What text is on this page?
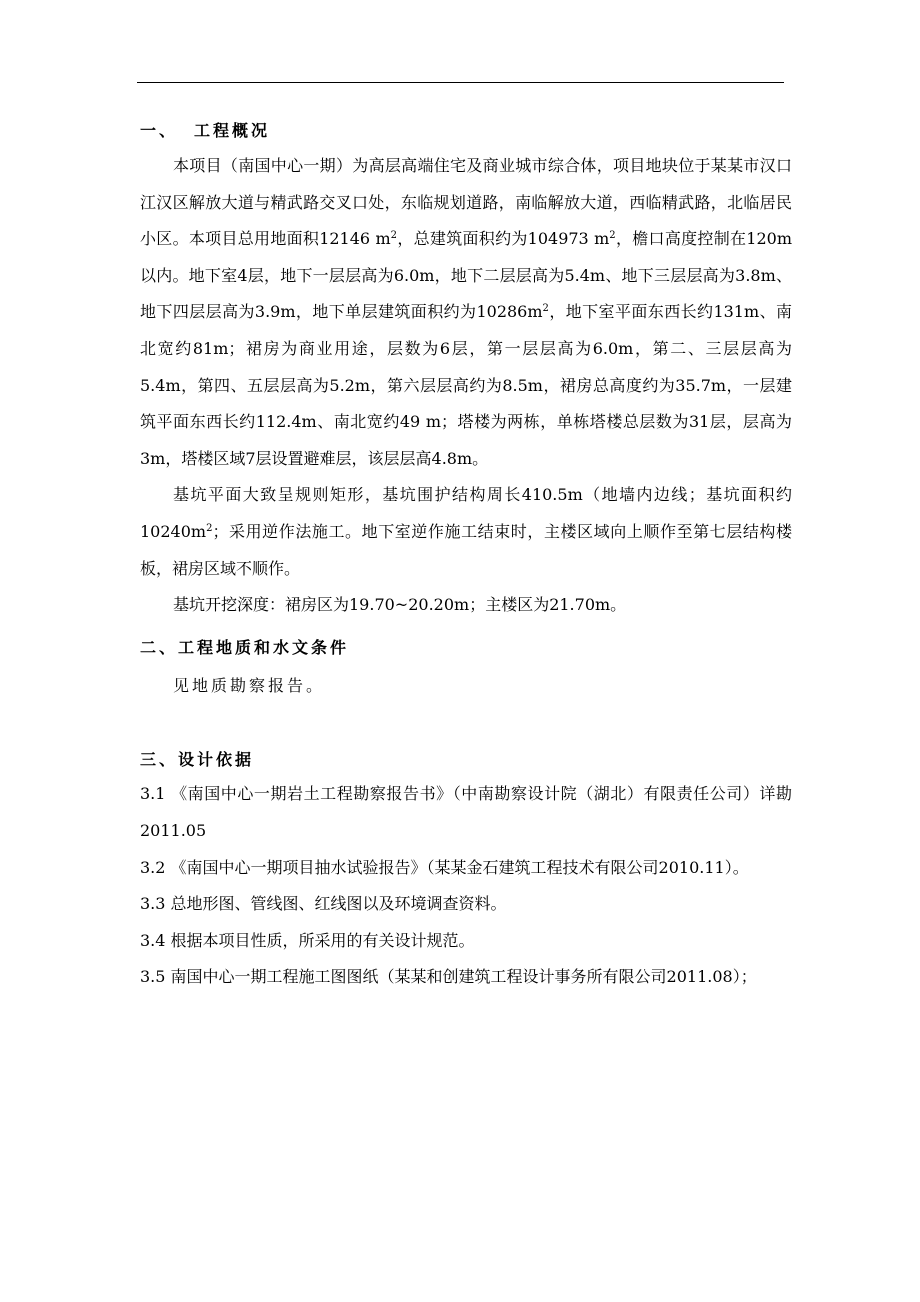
一、 工程概况

本项目（南国中心一期）为高层高端住宅及商业城市综合体，项目地块位于某某市汉口江汉区解放大道与精武路交叉口处，东临规划道路，南临解放大道，西临精武路，北临居民小区。本项目总用地面积12146 $m^2$，总建筑面积约为104973 $m^2$，檐口高度控制在120m以内。地下室4层，地下一层层高为6.0m，地下二层层高为5.4m、地下三层层高为3.8m、地下四层层高为3.9m，地下单层建筑面积约为$10286m^2$，地下室平面东西长约131m、南北宽约81m；裙房为商业用途，层数为6层，第一层层高为6.0m，第二、三层层高为5.4m，第四、五层层高为5.2m，第六层层高约为8.5m，裙房总高度约为35.7m，一层建筑平面东西长约112.4m、南北宽约49 m；塔楼为两栋，单栋塔楼总层数为31层，层高为3m，塔楼区域7层设置避难层，该层层高4.8m。

基坑平面大致呈规则矩形，基坑围护结构周长410.5m（地墙内边线；基坑面积约$10240m^2$；采用逆作法施工。地下室逆作施工结束时，主楼区域向上顺作至第七层结构楼板，裙房区域不顺作。

基坑开挖深度：裙房区为19.70~20.20m；主楼区为21.70m。

二、工程地质和水文条件

见地质勘察报告。

三、设计依据

3.1 《南国中心一期岩土工程勘察报告书》（中南勘察设计院（湖北）有限责任公司）详勘 2011.05

3.2 《南国中心一期项目抽水试验报告》（某某金石建筑工程技术有限公司2010.11）。

3.3 总地形图、管线图、红线图以及环境调查资料。

3.4 根据本项目性质，所采用的有关设计规范。

3.5 南国中心一期工程施工图图纸（某某和创建筑工程设计事务所有限公司2011.08）；
